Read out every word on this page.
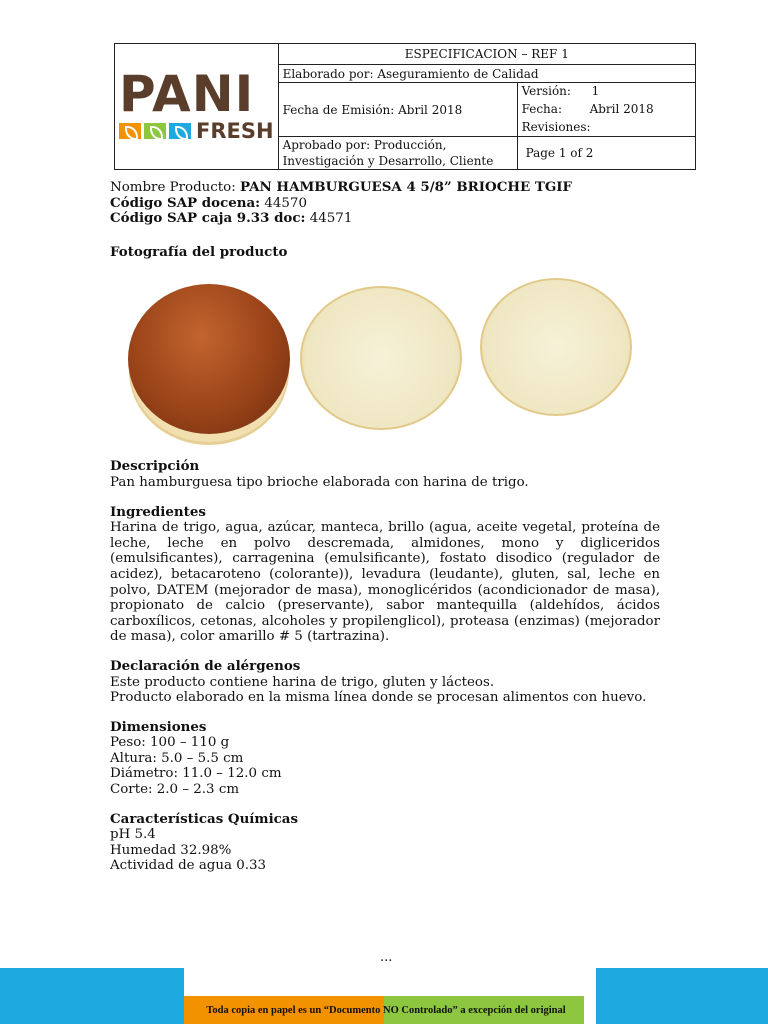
PANI
FRESH	ESPECIFICACION – REF 1	
	Elaborado por: Aseguramiento de Calidad	
	Fecha de Emisión: Abril 2018	Versión: 1
Fecha: Abril 2018
Revisiones:

	Aprobado por: Producción,
Investigación y Desarrollo, Cliente	Page 1 of 2

Nombre Producto: PAN HAMBURGUESA 4 5/8” BRIOCHE TGIF

Código SAP docena: 44570

Código SAP caja 9.33 doc: 44571

Fotografía del producto

Descripción

Pan hamburguesa tipo brioche elaborada con harina de trigo.

Ingredientes

Harina de trigo, agua, azúcar, manteca, brillo (agua, aceite vegetal, proteína de leche, leche en polvo descremada, almidones, mono y digliceridos (emulsificantes), carragenina (emulsificante), fostato disodico (regulador de acidez), betacaroteno (colorante)), levadura (leudante), gluten, sal, leche en polvo, DATEM (mejorador de masa), monoglicéridos (acondicionador de masa), propionato de calcio (preservante), sabor mantequilla (aldehídos, ácidos carboxílicos, cetonas, alcoholes y propilenglicol), proteasa (enzimas) (mejorador de masa), color amarillo # 5 (tartrazina).

Declaración de alérgenos

Este producto contiene harina de trigo, gluten y lácteos.

Producto elaborado en la misma línea donde se procesan alimentos con huevo.

Dimensiones

Peso: 100 – 110 g

Altura: 5.0 – 5.5 cm

Diámetro: 11.0 – 12.0 cm

Corte: 2.0 – 2.3 cm

Características Químicas

pH 5.4

Humedad 32.98%

Actividad de agua 0.33

...
Toda copia en papel es un “Documento NO Controlado” a excepción del original
